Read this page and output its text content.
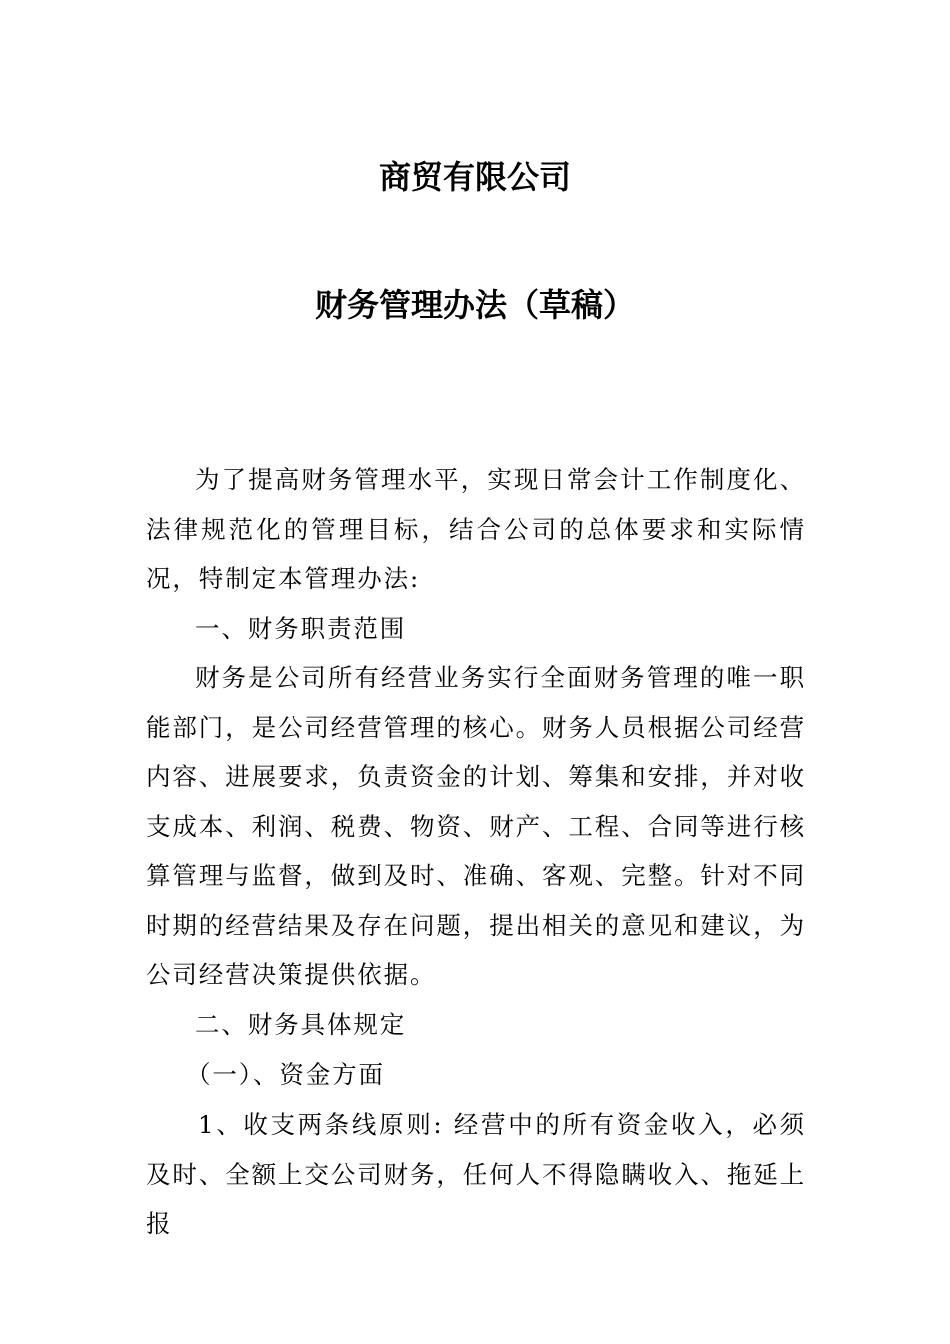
商贸有限公司
财务管理办法（草稿）

为了提高财务管理水平，实现日常会计工作制度化、法律规范化的管理目标，结合公司的总体要求和实际情况，特制定本管理办法:

一、财务职责范围

财务是公司所有经营业务实行全面财务管理的唯一职能部门，是公司经营管理的核心。财务人员根据公司经营内容、进展要求，负责资金的计划、筹集和安排，并对收支成本、利润、税费、物资、财产、工程、合同等进行核算管理与监督，做到及时、准确、客观、完整。针对不同时期的经营结果及存在问题，提出相关的意见和建议，为公司经营决策提供依据。

二、财务具体规定

（一）、资金方面

1、收支两条线原则: 经营中的所有资金收入，必须及时、全额上交公司财务，任何人不得隐瞒收入、拖延上报
